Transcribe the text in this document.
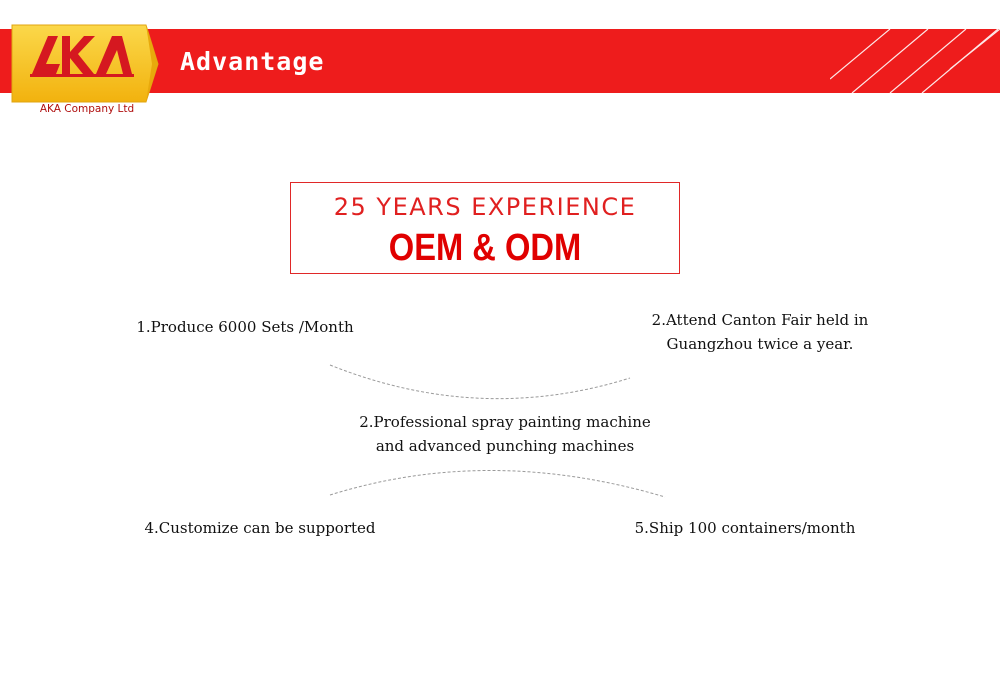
Advantage
AKA Company Ltd
25 YEARS EXPERIENCE
OEM & ODM
1.Produce 6000 Sets /Month	2.Attend Canton Fair held in
Guangzhou twice a year.
2.Professional spray painting machine
and advanced punching machines
4.Customize can be supported	5.Ship 100 containers/month
